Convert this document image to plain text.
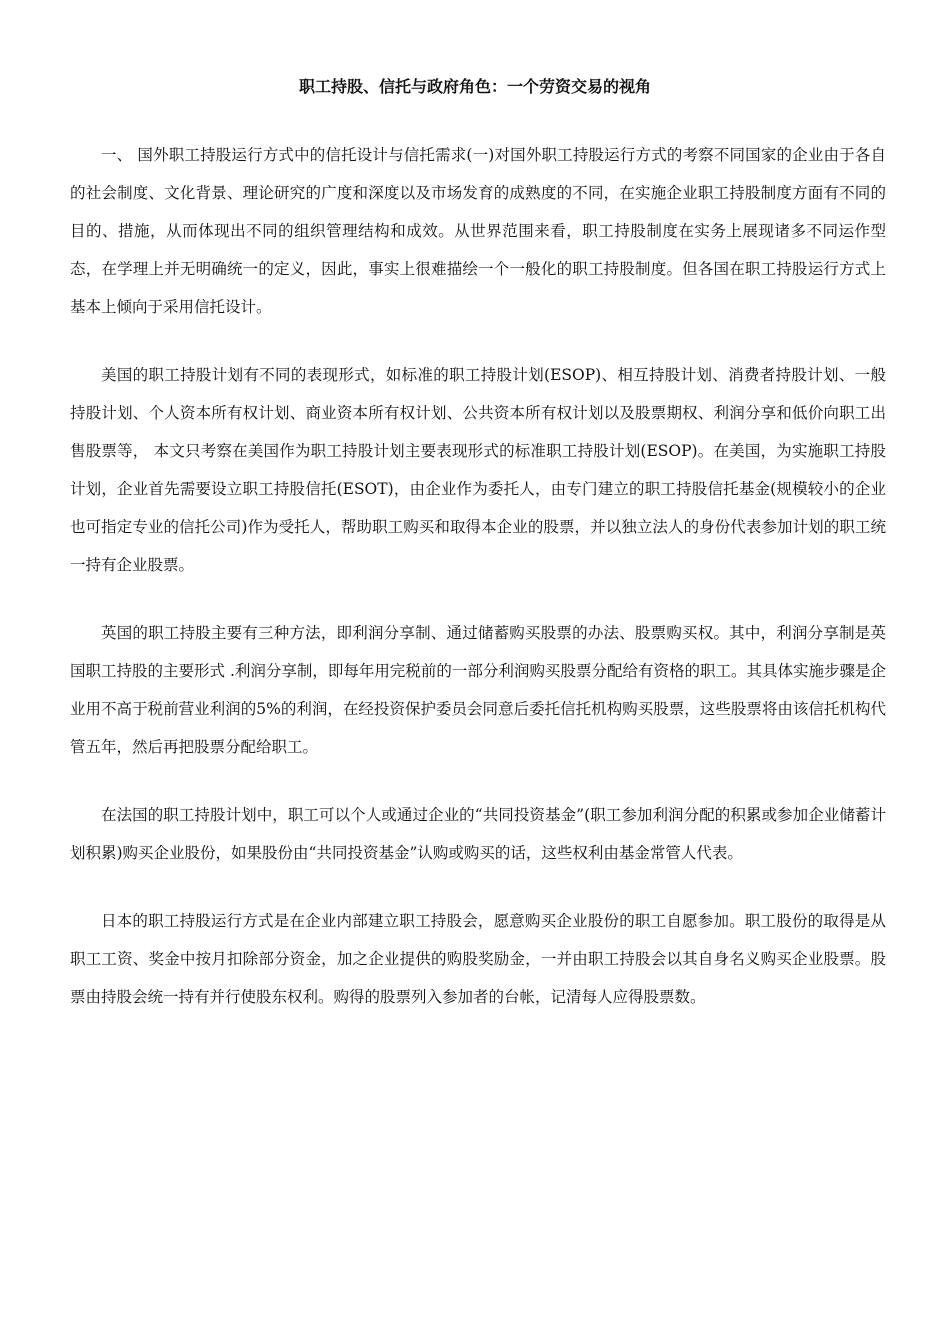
职工持股、信托与政府角色：一个劳资交易的视角

一、 国外职工持股运行方式中的信托设计与信托需求(一)对国外职工持股运行方式的考察不同国家的企业由于各自的社会制度、文化背景、理论研究的广度和深度以及市场发育的成熟度的不同，在实施企业职工持股制度方面有不同的目的、措施，从而体现出不同的组织管理结构和成效。从世界范围来看，职工持股制度在实务上展现诸多不同运作型态，在学理上并无明确统一的定义，因此，事实上很难描绘一个一般化的职工持股制度。但各国在职工持股运行方式上基本上倾向于采用信托设计。

美国的职工持股计划有不同的表现形式，如标准的职工持股计划(ESOP)、相互持股计划、消费者持股计划、一般持股计划、个人资本所有权计划、商业资本所有权计划、公共资本所有权计划以及股票期权、利润分享和低价向职工出售股票等， 本文只考察在美国作为职工持股计划主要表现形式的标准职工持股计划(ESOP)。在美国，为实施职工持股计划，企业首先需要设立职工持股信托(ESOT)，由企业作为委托人，由专门建立的职工持股信托基金(规模较小的企业也可指定专业的信托公司)作为受托人，帮助职工购买和取得本企业的股票，并以独立法人的身份代表参加计划的职工统一持有企业股票。

英国的职工持股主要有三种方法，即利润分享制、通过储蓄购买股票的办法、股票购买权。其中，利润分享制是英国职工持股的主要形式 .利润分享制，即每年用完税前的一部分利润购买股票分配给有资格的职工。其具体实施步骤是企业用不高于税前营业利润的5%的利润，在经投资保护委员会同意后委托信托机构购买股票，这些股票将由该信托机构代管五年，然后再把股票分配给职工。

在法国的职工持股计划中，职工可以个人或通过企业的“共同投资基金”(职工参加利润分配的积累或参加企业储蓄计划积累)购买企业股份，如果股份由“共同投资基金”认购或购买的话，这些权利由基金常管人代表。

日本的职工持股运行方式是在企业内部建立职工持股会，愿意购买企业股份的职工自愿参加。职工股份的取得是从职工工资、奖金中按月扣除部分资金，加之企业提供的购股奖励金，一并由职工持股会以其自身名义购买企业股票。股票由持股会统一持有并行使股东权利。购得的股票列入参加者的台帐，记清每人应得股票数。
